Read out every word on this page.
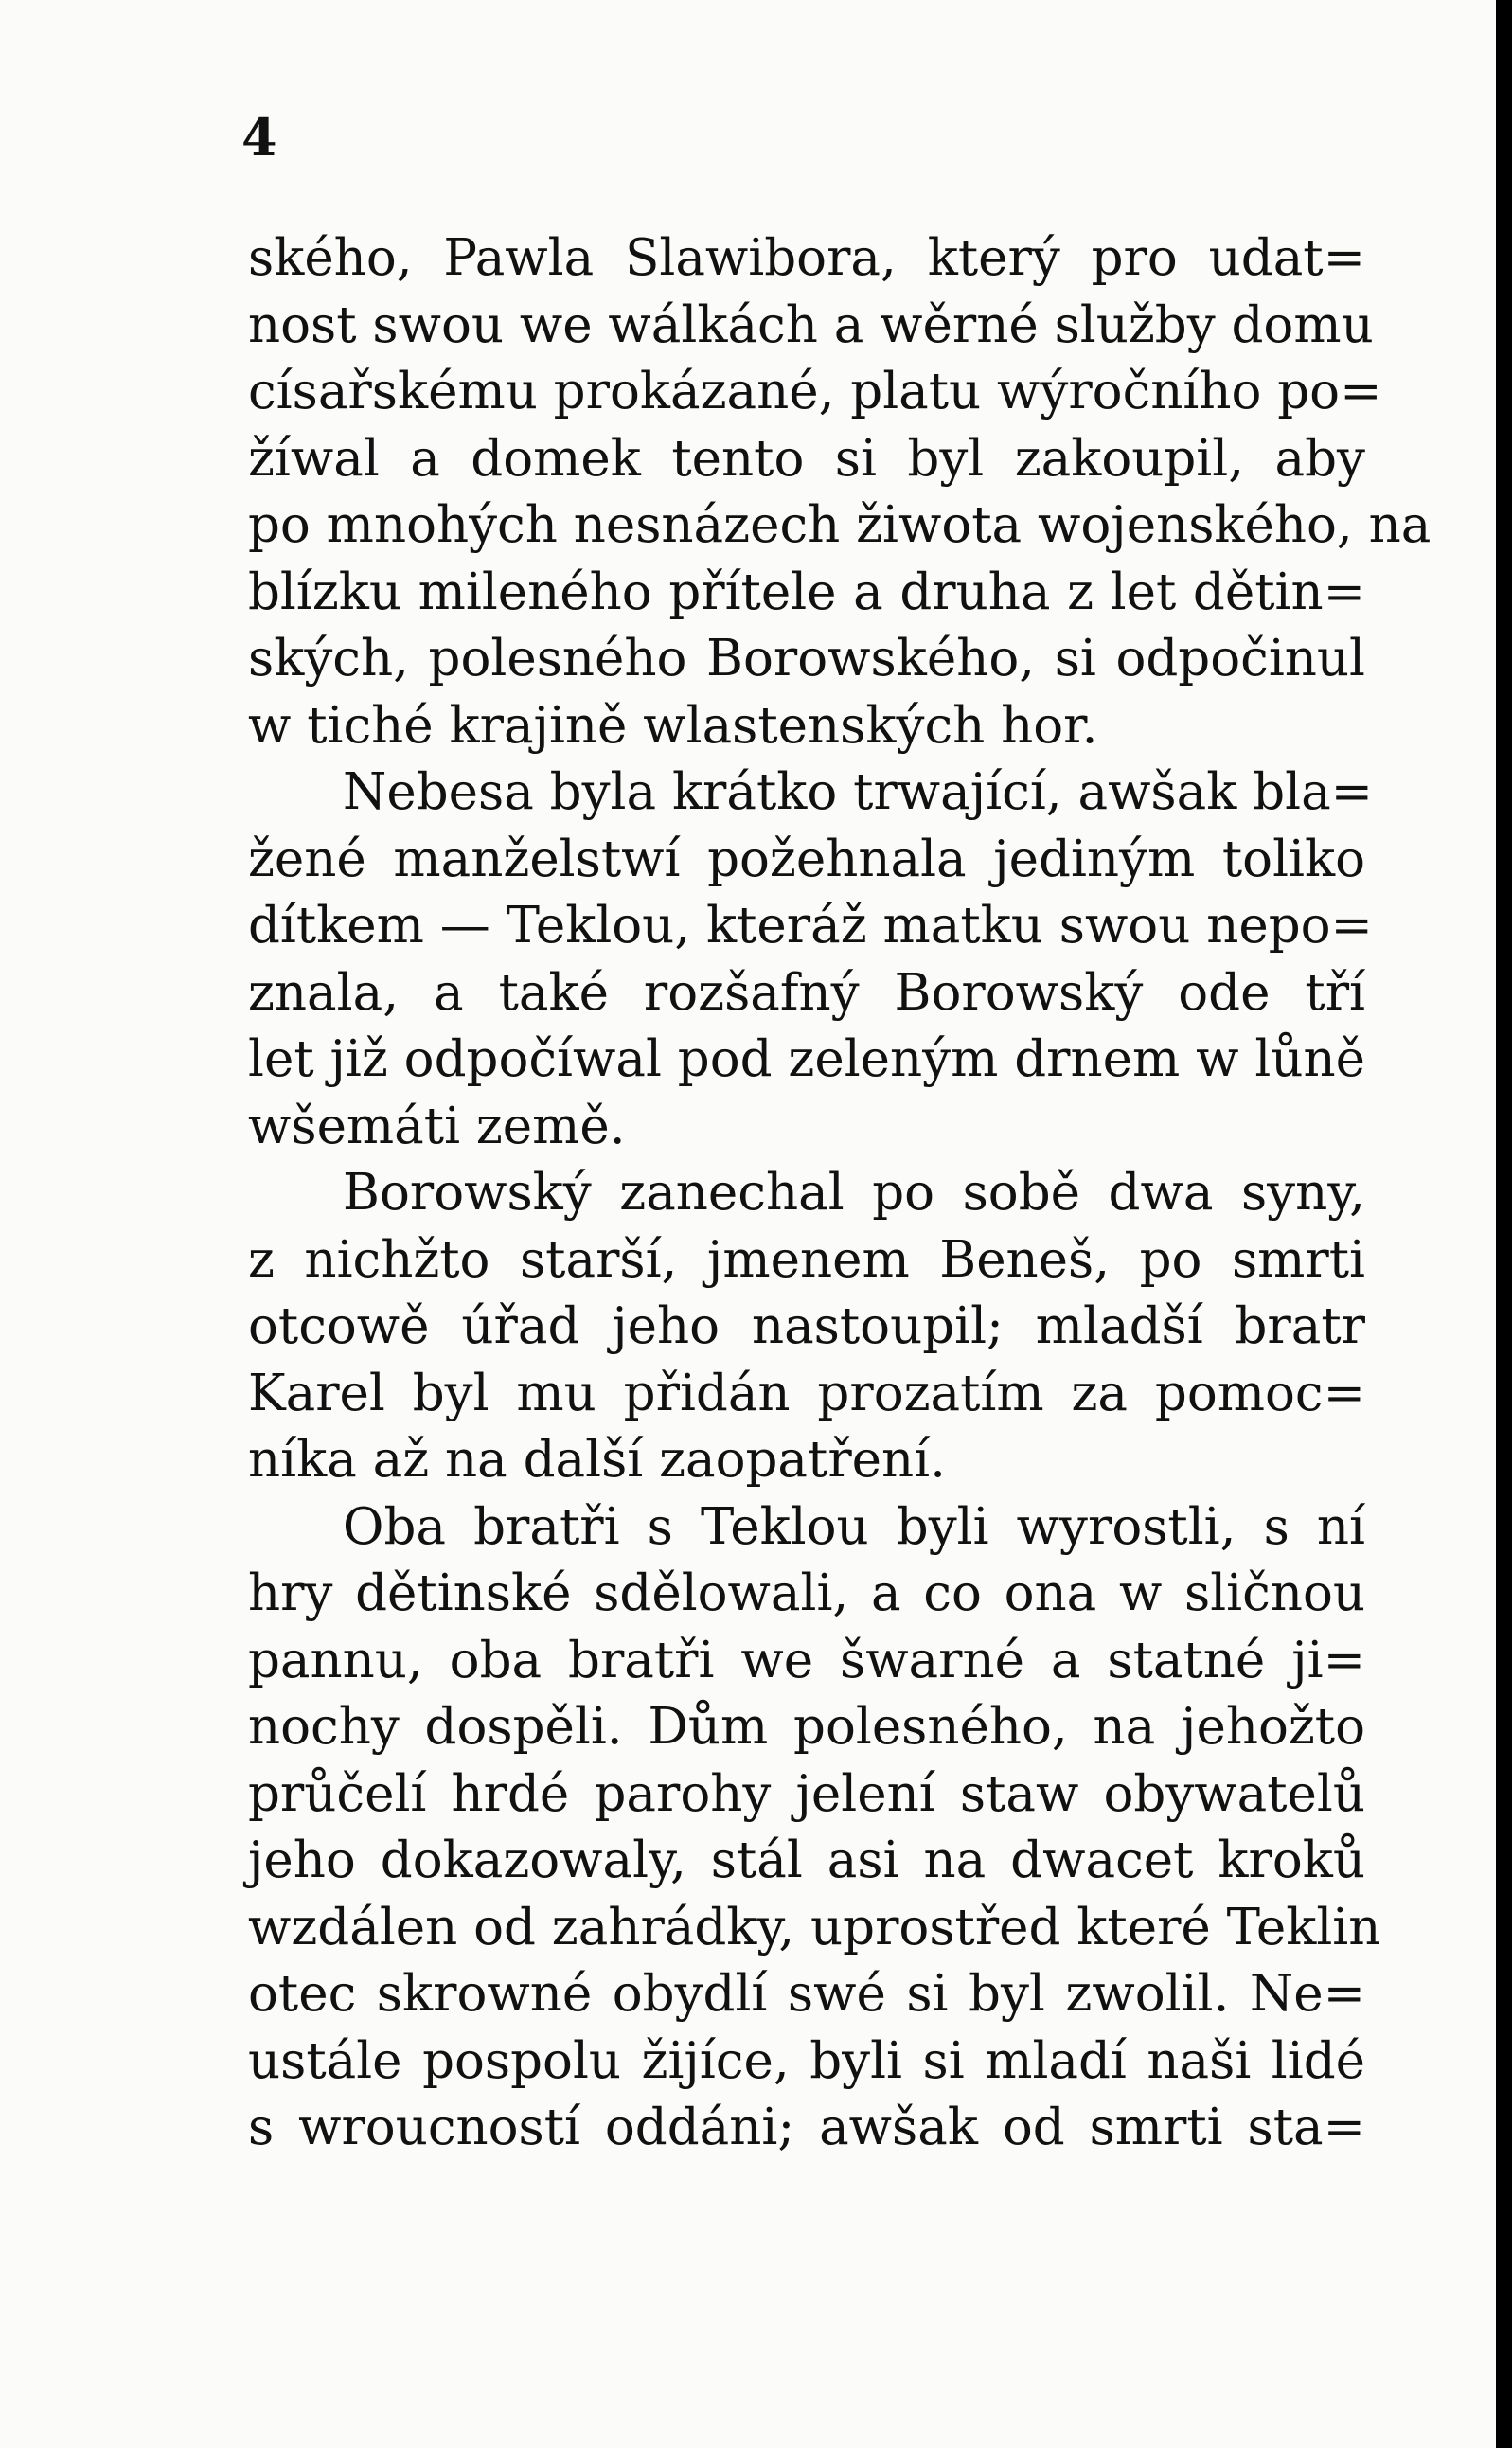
4
ského, Pawla Slawibora, který pro udat=
nost swou we wálkách a wěrné služby domu
císařskému prokázané, platu wýročního po=
žíwal a domek tento si byl zakoupil, aby
po mnohých nesnázech žiwota wojenského, na
blízku mileného přítele a druha z let dětin=
ských, polesného Borowského, si odpočinul
w tiché krajině wlastenských hor.
Nebesa byla krátko trwající, awšak bla=
žené manželstwí požehnala jediným toliko
dítkem — Teklou, kteráž matku swou nepo=
znala, a také rozšafný Borowský ode tří
let již odpočíwal pod zeleným drnem w lůně
wšemáti země.
Borowský zanechal po sobě dwa syny,
z nichžto starší, jmenem Beneš, po smrti
otcowě úřad jeho nastoupil; mladší bratr
Karel byl mu přidán prozatím za pomoc=
níka až na další zaopatření.
Oba bratři s Teklou byli wyrostli, s ní
hry dětinské sdělowali, a co ona w sličnou
pannu, oba bratři we šwarné a statné ji=
nochy dospěli. Dům polesného, na jehožto
průčelí hrdé parohy jelení staw obywatelů
jeho dokazowaly, stál asi na dwacet kroků
wzdálen od zahrádky, uprostřed které Teklin
otec skrowné obydlí swé si byl zwolil. Ne=
ustále pospolu žijíce, byli si mladí naši lidé
s wroucností oddáni; awšak od smrti sta=
